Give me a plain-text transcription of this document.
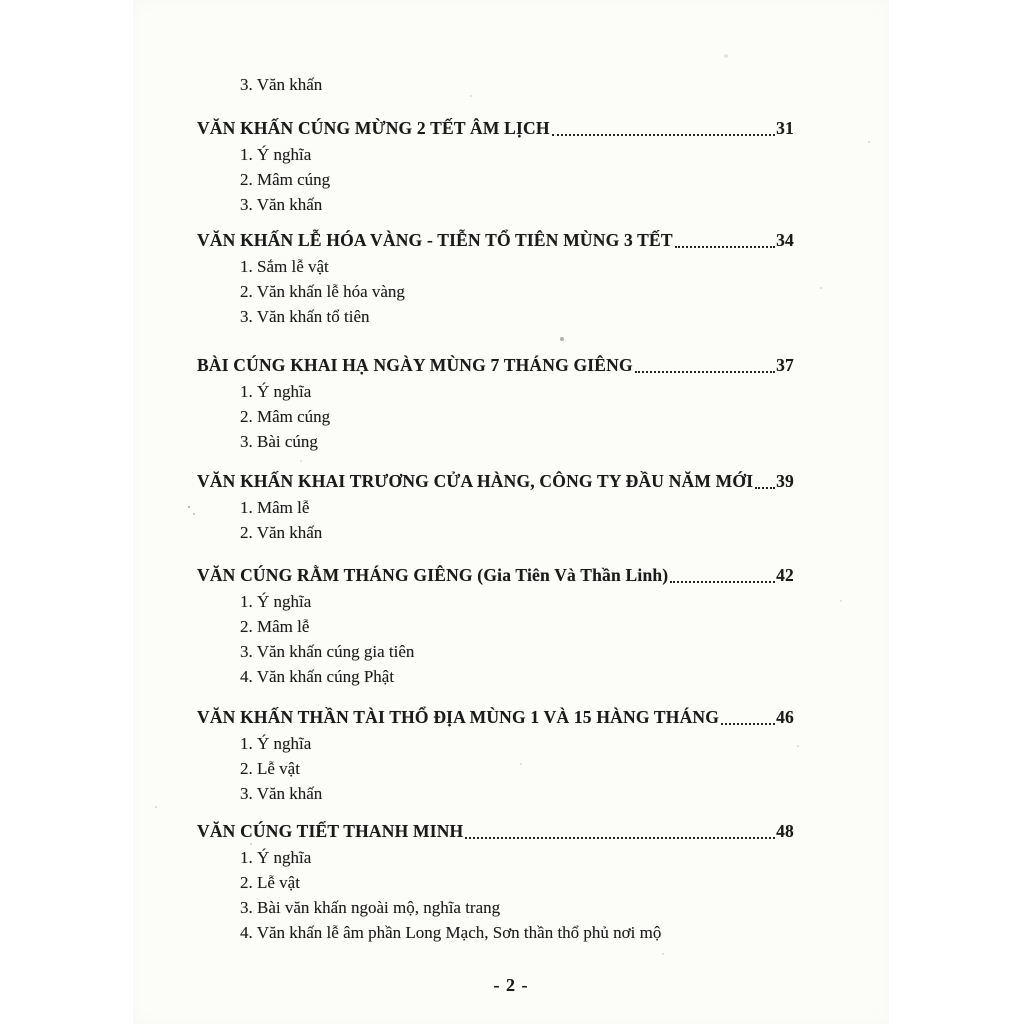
3. Văn khấn
VĂN KHẤN CÚNG MỪNG 2 TẾT ÂM LỊCH	31
1. Ý nghĩa
2. Mâm cúng
3. Văn khấn
VĂN KHẤN LỄ HÓA VÀNG - TIỄN TỔ TIÊN MÙNG 3 TẾT	34
1. Sắm lễ vật
2. Văn khấn lễ hóa vàng
3. Văn khấn tổ tiên
BÀI CÚNG KHAI HẠ NGÀY MÙNG 7 THÁNG GIÊNG	37
1. Ý nghĩa
2. Mâm cúng
3. Bài cúng
VĂN KHẤN KHAI TRƯƠNG CỬA HÀNG, CÔNG TY ĐẦU NĂM MỚI 39
1. Mâm lễ
2. Văn khấn
VĂN CÚNG RẰM THÁNG GIÊNG (Gia Tiên Và Thần Linh)	42
1. Ý nghĩa
2. Mâm lễ
3. Văn khấn cúng gia tiên
4. Văn khấn cúng Phật
VĂN KHẤN THẦN TÀI THỔ ĐỊA MÙNG 1 VÀ 15 HÀNG THÁNG	46
1. Ý nghĩa
2. Lễ vật
3. Văn khấn
VĂN CÚNG TIẾT THANH MINH	48
1. Ý nghĩa
2. Lễ vật
3. Bài văn khấn ngoài mộ, nghĩa trang
4. Văn khấn lễ âm phần Long Mạch, Sơn thần thổ phủ nơi mộ
- 2 -
